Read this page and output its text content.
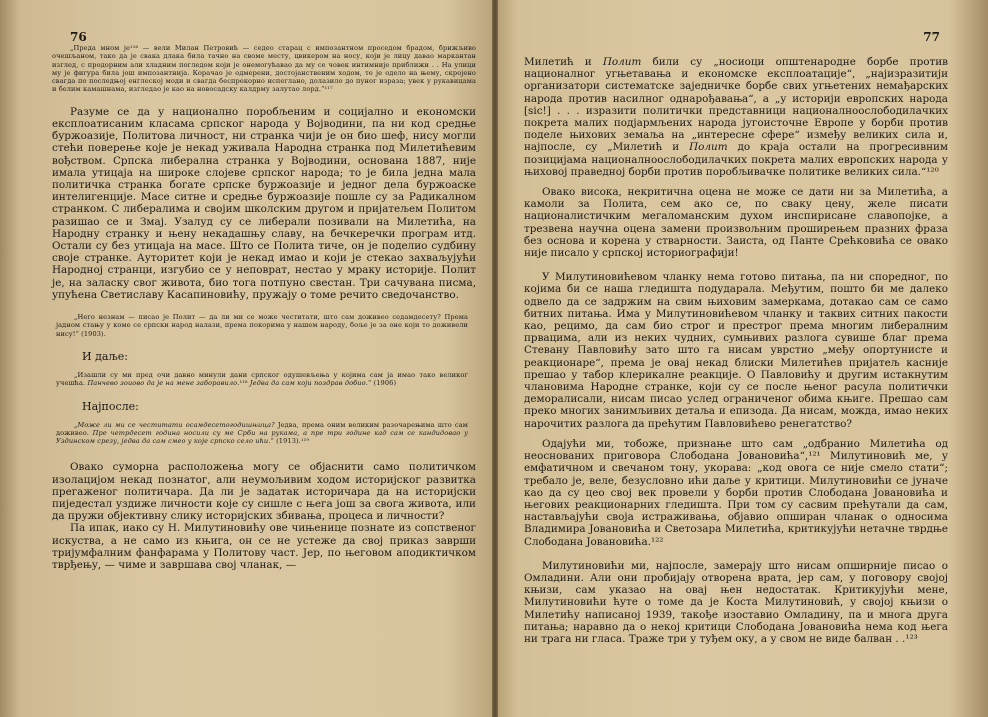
76

„Преда мном је¹¹⁶ — вели Милан Петровић — седео старац с импозантном проседом брадом, брижљиво очешљаном, тако да је свака длака била тачно на своме месту, цвикером на носу, који је лицу давао маркантан изглед, с продорним али хладним погледом који је онемогућавао да му се човек интимније приближи . . На улици му је фигура била још импозантнија. Корачао је одмерени, достојанственим ходом, те је одело на њему, скројено свагда по последњој енглеској моди и свагда беспрекорно испеглано, долазило до пуног израза; увек у рукавицама и белим камашнама, изгледао је као на новосадску калдрму залутао лорд.“¹¹⁷

Разуме се да у национално поробљеним и социјално и економски експлоатисаним класама српског народа у Војводини, па ни код средње буржоазије, Политова личност, ни странка чији је он био шеф, нису могли стећи поверење које је некад уживала Народна странка под Милетићевим вођством. Српска либерална странка у Војводини, основана 1887, није имала утицаја на широке слојеве српског народа; то је била једна мала политичка странка богате српске буржоазије и једног дела буржоаске интелигенције. Масе ситне и средње буржоазије пошле су за Радикалном странком. С либералима и својим школским другом и пријатељем Политом разишао се и Змај. Узалуд су се либерали позивали на Милетића, на Народну странку и њену некадашњу славу, на бечкеречки програм итд. Остали су без утицаја на масе. Што се Полита тиче, он је поделио судбину своје странке. Ауторитет који је некад имао и који је стекао захваљујући Народној странци, изгубио се у неповрат, нестао у мраку историје. Полит је, на заласку свог живота, био тога потпуно свестан. Три сачувана писма, упућена Светиславу Касапиновићу, пружају о томе речито сведочанство.

„Него незнам — писао је Полит — да ли ми се може честитати, што сам доживео седамдесету? Према јадном стању у коме се српски народ налази, према покорима у нашем народу, боље је за оне који то доживели нису!“ (1903).

И даље:

„Изашли су ми пред очи давно минули дани српског одушевљења у којима сам ја имао тако великог учешћа. Панчево зоиово да је на мене заборавило.¹¹⁸ Једва да сам који поздрав добио.“ (1906)

Најпосле:

„Може ли ми се честитати осамдесетогодишњица? Једва, према оним великим разочарењима што сам доживео. Пре четрдесет година носили су ме Срби на рукама, а пре три године кад сам се кандидовао у Уздинском срезу, једва да сам смео у које српско село ићи.“ (1913).¹¹⁹

Овако суморна расположења могу се објаснити само политичком изолацијом некад познатог, али неумољивим ходом историјског развитка прегаженог политичара. Да ли је задатак историчара да на историјски пиједестал уздиже личности које су сишле с њега још за свога живота, или да пружи објективну слику историјских збивања, процеса и личности?

Па ипак, иако су Н. Милутиновићу ове чињенице познате из сопственог искуства, а не само из књига, он се не устеже да свој приказ заврши тријумфалним фанфарама у Политову част. Јер, по његовом аподиктичком тврђењу, — чиме и завршава свој чланак, —

77

Милетић и Полит били су „носиоци општенародне борбе против националног угњетавања и економске експлоатације“, „најизразитији организатори систематске заједничке борбе свих угњетених немађарских народа против насилног однарођавања“, а „у историји европских народа [sic!] . . . изразити политички представници националноослободилачких покрета малих подјармљених народа југоисточне Европе у борби против поделе њихових земаља на „интересне сфере“ између великих сила и, најпосле, су „Милетић и Полит до краја остали на прогресивним позицијама националноослободилачких покрета малих европских народа у њиховој праведној борби против поробљивачке политике великих сила.“¹²⁰

Овако висока, некритична оцена не може се дати ни за Милетића, а камоли за Полита, сем ако се, по сваку цену, желе писати националистичким мегаломанским духом инспирисане славопојке, а трезвена научна оцена замени произвољним проширењем празних фраза без основа и корена у стварности. Заиста, од Панте Срећковића се овако није писало у српској историографији!

У Милутиновићевом чланку нема готово питања, па ни споредног, по којима би се наша гледишта подударала. Међутим, пошто би ме далеко одвело да се задржим на свим њиховим замеркама, дотакао сам се само битних питања. Има у Милутиновићевом чланку и таквих ситних пакости као, рецимо, да сам био строг и престрог према многим либералним првацима, али из неких чудних, сумњивих разлога сувише благ према Стевану Павловићу зато што га нисам уврстио „међу опортунисте и реакционаре“, према је овај некад блиски Милетићев пријатељ касније прешао у табор клерикалне реакције. О Павловићу и другим истакнутим члановима Народне странке, који су се после њеног расула политички деморалисали, нисам писао услед ограниченог обима књиге. Прешао сам преко многих занимљивих детаља и епизода. Да нисам, можда, имао неких нарочитих разлога да прећутим Павловићево ренегатство?

Одајући ми, тобоже, признање што сам „одбранио Милетића од неоснованих приговора Слободана Јовановића“,¹²¹ Милутиновић ме, у емфатичном и свечаном тону, укорава: „код овога се није смело стати“; требало је, веле, безусловно ићи даље у критици. Милутиновићи се јуначе као да су цео свој век провели у борби против Слободана Јовановића и његових реакционарних гледишта. При том су сасвим прећутали да сам, настављајући своја истраживања, објавио опширан чланак о односима Владимира Јовановића и Светозара Милетића, критикујући нетачне тврдње Слободана Јовановића.¹²²

Милутиновићи ми, најпосле, замерају што нисам опширније писао о Омладини. Али они пробијају отворена врата, јер сам, у поговору својој књизи, сам указао на овај њен недостатак. Критикујући мене, Милутиновићи ћуте о томе да је Коста Милутиновић, у својој књизи о Милетићу написаној 1939, такође изоставио Омладину, па и многа друга питања; наравно да о некој критици Слободана Јовановића нема код њега ни трага ни гласа. Траже три у туђем оку, а у свом не виде балван . .¹²³
